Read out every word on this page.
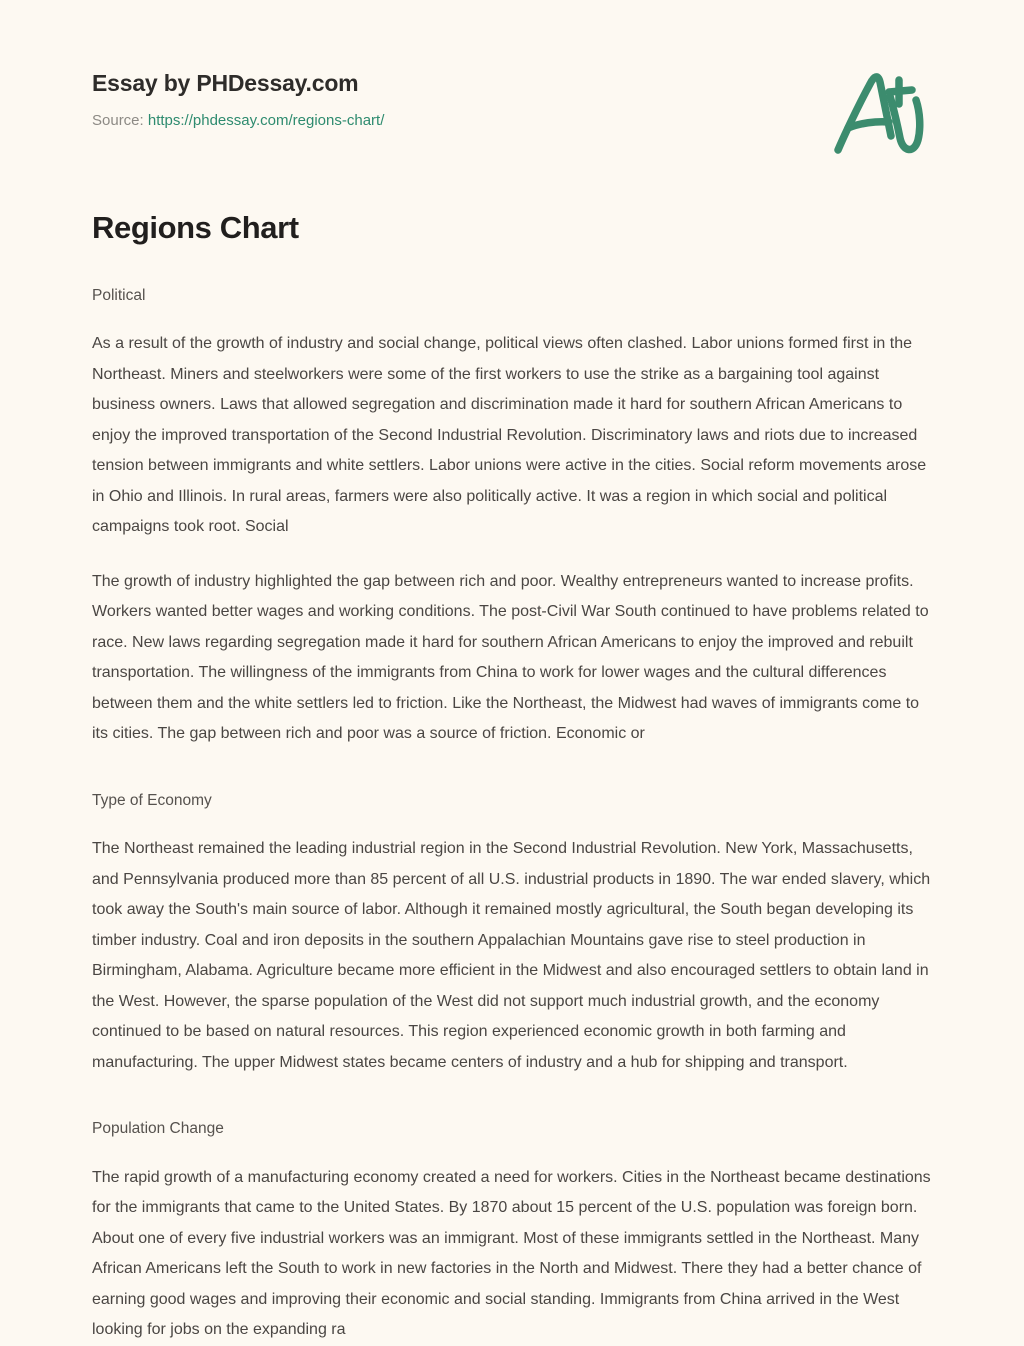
Essay by PHDessay.com
Source: https://phdessay.com/regions-chart/
Regions Chart
Political

As a result of the growth of industry and social change, political views often clashed. Labor unions formed first in the Northeast. Miners and steelworkers were some of the first workers to use the strike as a bargaining tool against business owners. Laws that allowed segregation and discrimination made it hard for southern African Americans to enjoy the improved transportation of the Second Industrial Revolution. Discriminatory laws and riots due to increased tension between immigrants and white settlers. Labor unions were active in the cities. Social reform movements arose in Ohio and Illinois. In rural areas, farmers were also politically active. It was a region in which social and political campaigns took root. Social

The growth of industry highlighted the gap between rich and poor. Wealthy entrepreneurs wanted to increase profits. Workers wanted better wages and working conditions. The post-Civil War South continued to have problems related to race. New laws regarding segregation made it hard for southern African Americans to enjoy the improved and rebuilt transportation. The willingness of the immigrants from China to work for lower wages and the cultural differences between them and the white settlers led to friction. Like the Northeast, the Midwest had waves of immigrants come to its cities. The gap between rich and poor was a source of friction. Economic or

Type of Economy

The Northeast remained the leading industrial region in the Second Industrial Revolution. New York, Massachusetts, and Pennsylvania produced more than 85 percent of all U.S. industrial products in 1890. The war ended slavery, which took away the South's main source of labor. Although it remained mostly agricultural, the South began developing its timber industry. Coal and iron deposits in the southern Appalachian Mountains gave rise to steel production in Birmingham, Alabama. Agriculture became more efficient in the Midwest and also encouraged settlers to obtain land in the West. However, the sparse population of the West did not support much industrial growth, and the economy continued to be based on natural resources. This region experienced economic growth in both farming and manufacturing. The upper Midwest states became centers of industry and a hub for shipping and transport.

Population Change

The rapid growth of a manufacturing economy created a need for workers. Cities in the Northeast became destinations for the immigrants that came to the United States. By 1870 about 15 percent of the U.S. population was foreign born. About one of every five industrial workers was an immigrant. Most of these immigrants settled in the Northeast. Many African Americans left the South to work in new factories in the North and Midwest. There they had a better chance of earning good wages and improving their economic and social standing. Immigrants from China arrived in the West looking for jobs on the expanding ra
